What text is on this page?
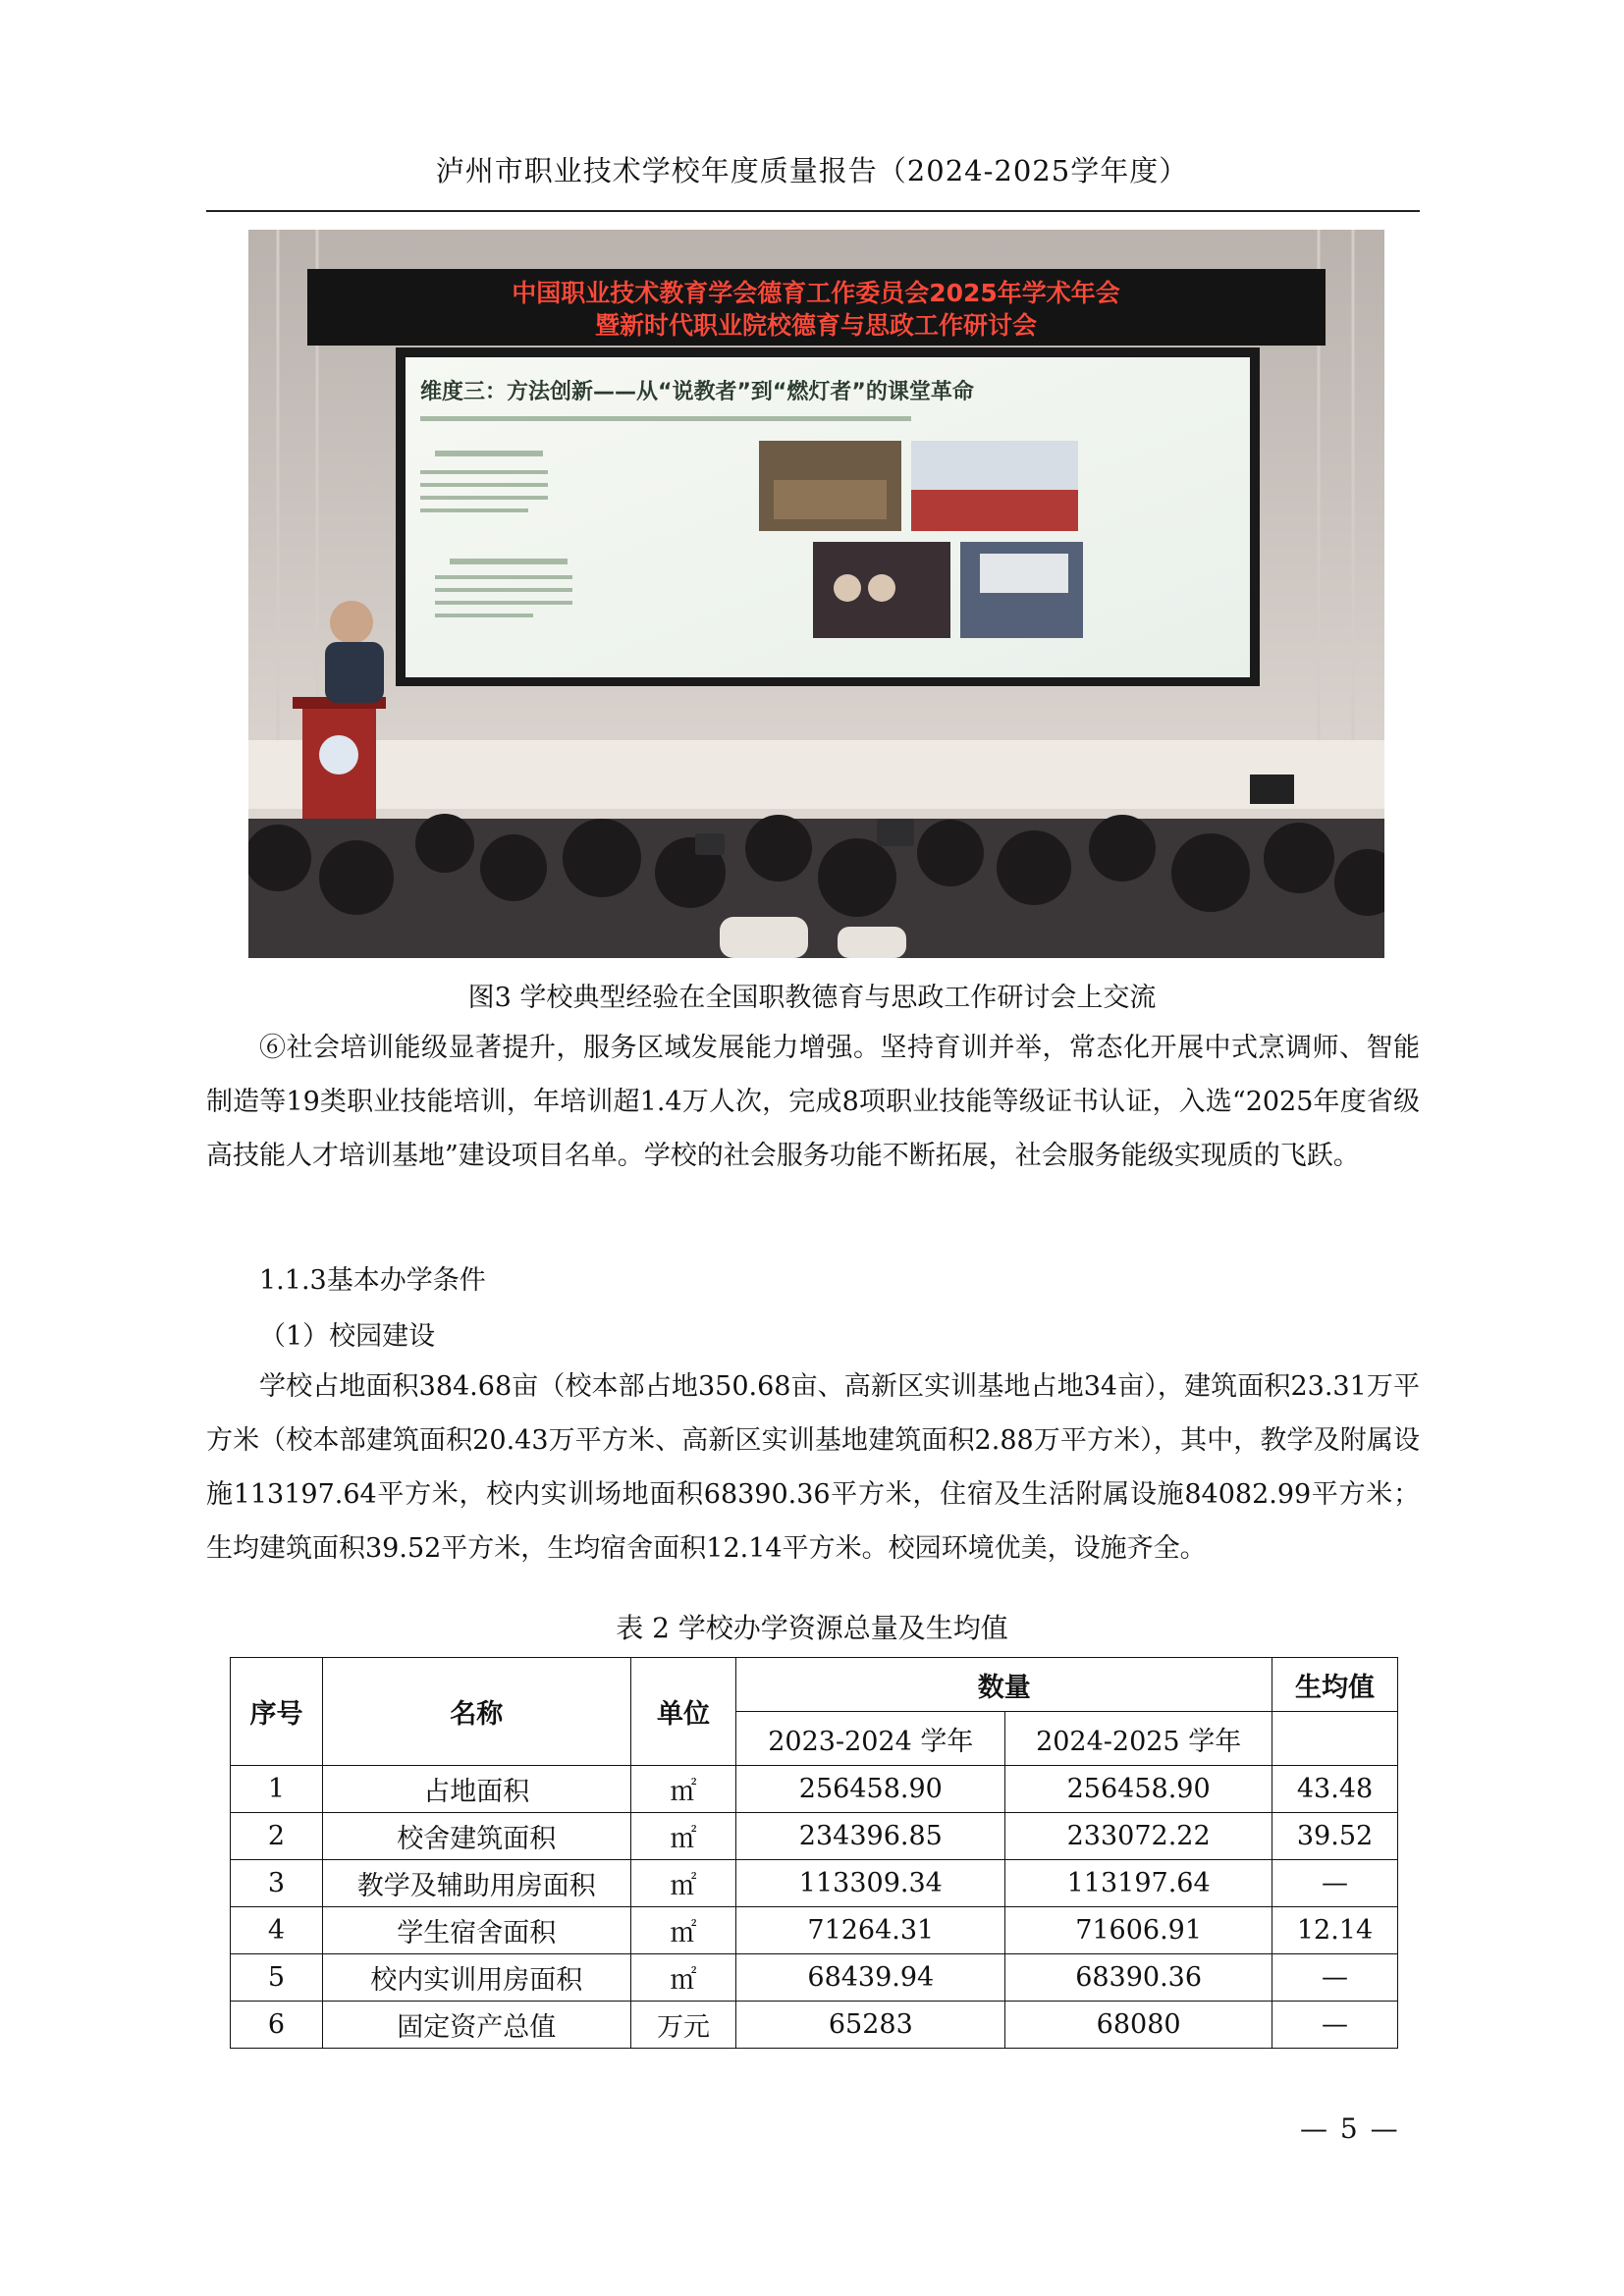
泸州市职业技术学校年度质量报告（2024-2025学年度）
中国职业技术教育学会德育工作委员会2025年学术年会
暨新时代职业院校德育与思政工作研讨会
维度三：方法创新——从“说教者”到“燃灯者”的课堂革命
图3 学校典型经验在全国职教德育与思政工作研讨会上交流
⑥社会培训能级显著提升，服务区域发展能力增强。坚持育训并举，常态化开展中式烹调师、智能制造等19类职业技能培训，年培训超1.4万人次，完成8项职业技能等级证书认证，入选“2025年度省级高技能人才培训基地”建设项目名单。学校的社会服务功能不断拓展，社会服务能级实现质的飞跃。
1.1.3基本办学条件
（1）校园建设
学校占地面积384.68亩（校本部占地350.68亩、高新区实训基地占地34亩），建筑面积23.31万平方米（校本部建筑面积20.43万平方米、高新区实训基地建筑面积2.88万平方米），其中，教学及附属设施113197.64平方米，校内实训场地面积68390.36平方米，住宿及生活附属设施84082.99平方米；生均建筑面积39.52平方米，生均宿舍面积12.14平方米。校园环境优美，设施齐全。
表 2 学校办学资源总量及生均值
序号	名称	单位	数量		生均值
			2023-2024 学年	2024-2025 学年	
1	占地面积	㎡	256458.90	256458.90	43.48
2	校舍建筑面积	㎡	234396.85	233072.22	39.52
3	教学及辅助用房面积	㎡	113309.34	113197.64	—
4	学生宿舍面积	㎡	71264.31	71606.91	12.14
5	校内实训用房面积	㎡	68439.94	68390.36	—
6	固定资产总值	万元	65283	68080	—
— 5 —
